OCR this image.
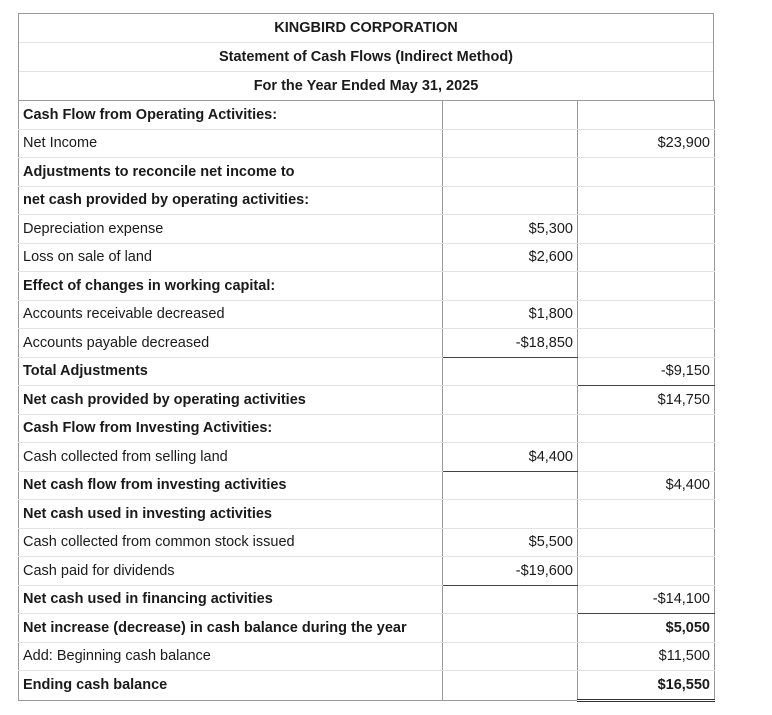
KINGBIRD CORPORATION
Statement of Cash Flows (Indirect Method)
For the Year Ended May 31, 2025
Cash Flow from Operating Activities:		
Net Income		$23,900
Adjustments to reconcile net income to		
net cash provided by operating activities:		
Depreciation expense	$5,300	
Loss on sale of land	$2,600	
Effect of changes in working capital:		
Accounts receivable decreased	$1,800	
Accounts payable decreased	-$18,850	
Total Adjustments		-$9,150
Net cash provided by operating activities		$14,750
Cash Flow from Investing Activities:		
Cash collected from selling land	$4,400	
Net cash flow from investing activities		$4,400
Net cash used in investing activities		
Cash collected from common stock issued	$5,500	
Cash paid for dividends	-$19,600	
Net cash used in financing activities		-$14,100
Net increase (decrease) in cash balance during the year		$5,050
Add: Beginning cash balance		$11,500
Ending cash balance		$16,550
